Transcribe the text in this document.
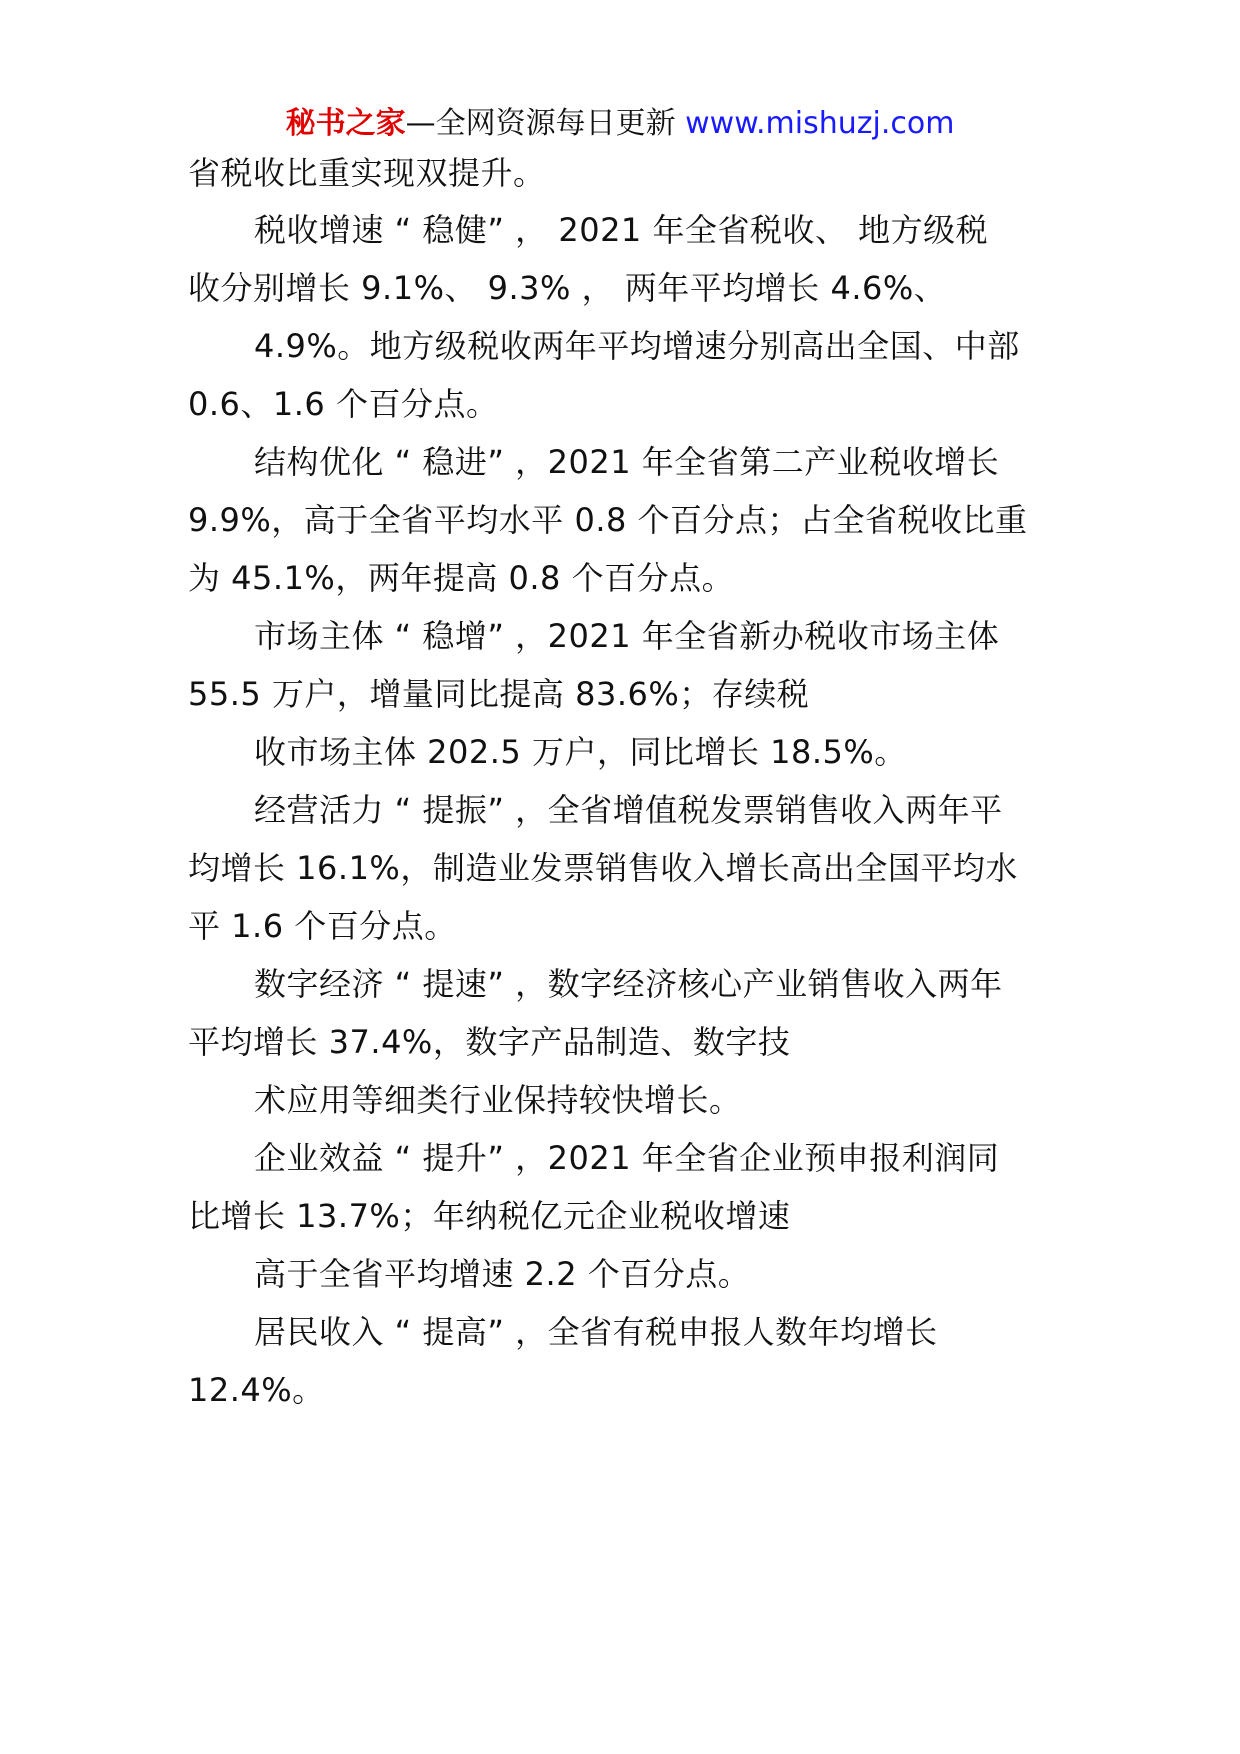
秘书之家—全网资源每日更新 www.mishuzj.com
省税收比重实现双提升。
税收增速 “ 稳健” ， 2021 年全省税收、 地方级税
收分别增长 9.1%、 9.3% ， 两年平均增长 4.6%、
4.9%。地方级税收两年平均增速分别高出全国、中部
0.6、1.6 个百分点。
结构优化 “ 稳进” ，2021 年全省第二产业税收增长
9.9%，高于全省平均水平 0.8 个百分点；占全省税收比重
为 45.1%，两年提高 0.8 个百分点。
市场主体 “ 稳增” ，2021 年全省新办税收市场主体
55.5 万户，增量同比提高 83.6%；存续税
收市场主体 202.5 万户，同比增长 18.5%。
经营活力 “ 提振” ，全省增值税发票销售收入两年平
均增长 16.1%，制造业发票销售收入增长高出全国平均水
平 1.6 个百分点。
数字经济 “ 提速” ，数字经济核心产业销售收入两年
平均增长 37.4%，数字产品制造、数字技
术应用等细类行业保持较快增长。
企业效益 “ 提升” ，2021 年全省企业预申报利润同
比增长 13.7%；年纳税亿元企业税收增速
高于全省平均增速 2.2 个百分点。
居民收入 “ 提高” ，全省有税申报人数年均增长
12.4%。
